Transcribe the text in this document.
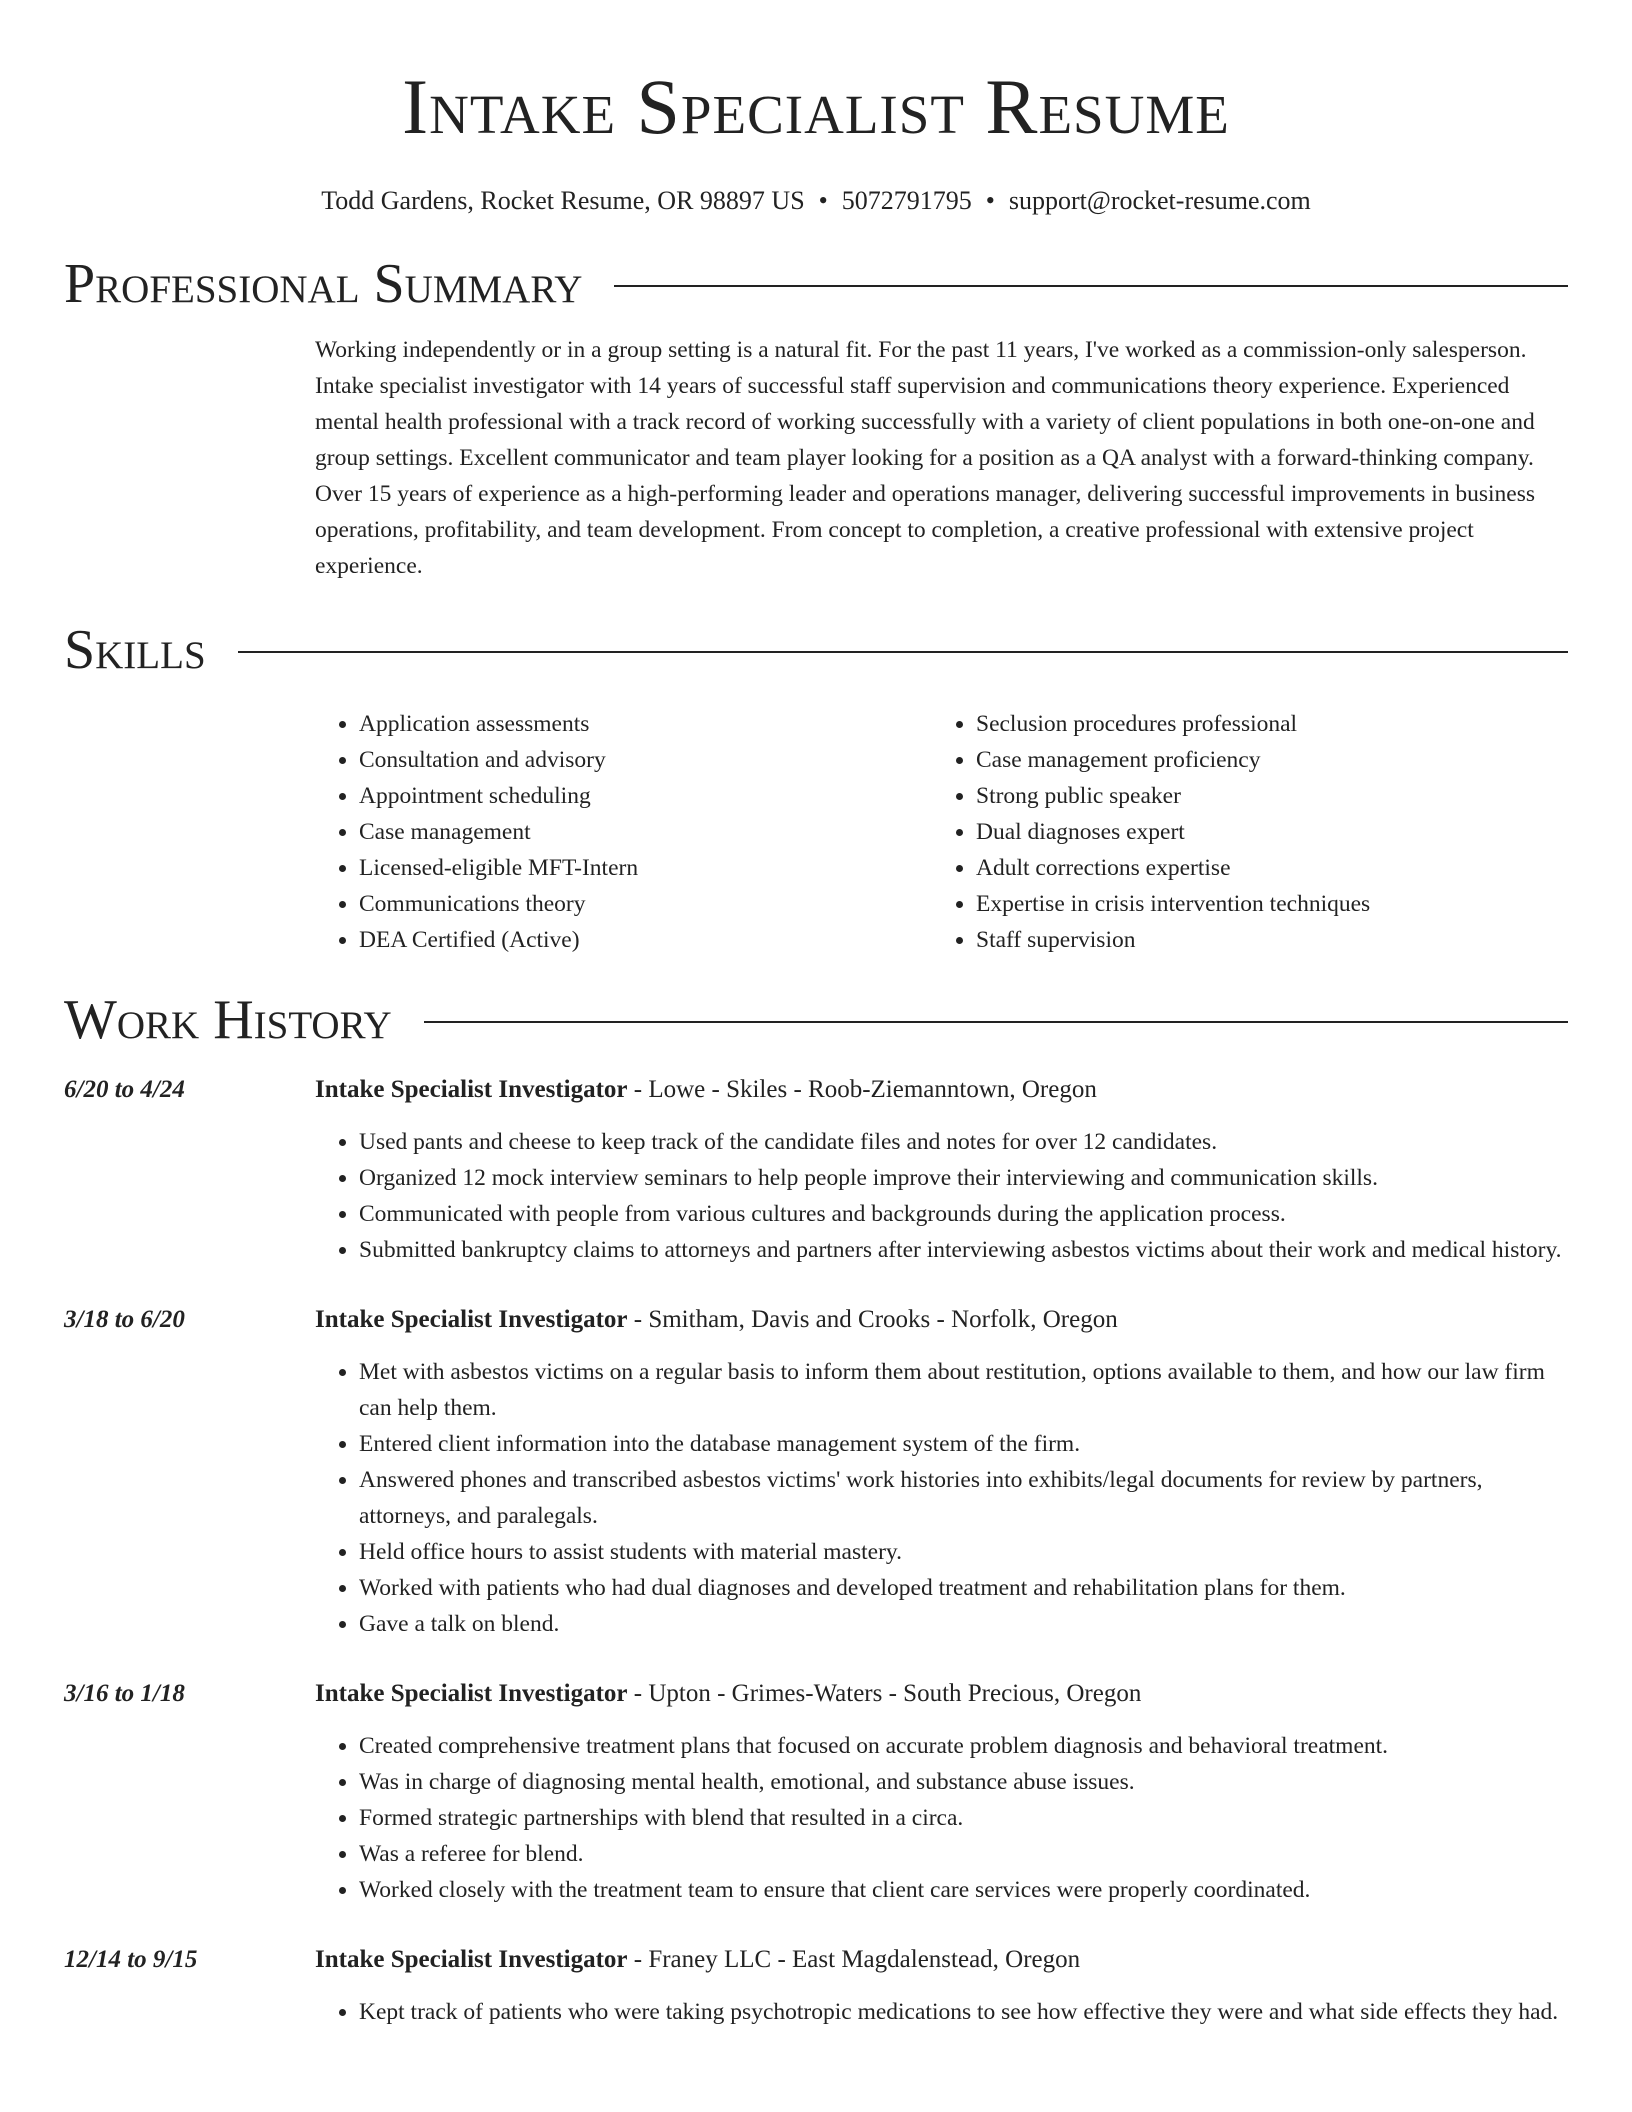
Intake Specialist Resume
Todd Gardens, Rocket Resume, OR 98897 US • 5072791795 • support@rocket-resume.com
Professional Summary
Working independently or in a group setting is a natural fit. For the past 11 years, I've worked as a commission-only salesperson. Intake specialist investigator with 14 years of successful staff supervision and communications theory experience. Experienced mental health professional with a track record of working successfully with a variety of client populations in both one-on-one and group settings. Excellent communicator and team player looking for a position as a QA analyst with a forward-thinking company. Over 15 years of experience as a high-performing leader and operations manager, delivering successful improvements in business operations, profitability, and team development. From concept to completion, a creative professional with extensive project experience.
Skills
• Application assessments
• Consultation and advisory
• Appointment scheduling
• Case management
• Licensed-eligible MFT-Intern
• Communications theory
• DEA Certified (Active)
• Seclusion procedures professional
• Case management proficiency
• Strong public speaker
• Dual diagnoses expert
• Adult corrections expertise
• Expertise in crisis intervention techniques
• Staff supervision
Work History
6/20 to 4/24	Intake Specialist Investigator - Lowe - Skiles - Roob-Ziemanntown, Oregon
• Used pants and cheese to keep track of the candidate files and notes for over 12 candidates.
• Organized 12 mock interview seminars to help people improve their interviewing and communication skills.
• Communicated with people from various cultures and backgrounds during the application process.
• Submitted bankruptcy claims to attorneys and partners after interviewing asbestos victims about their work and medical history.
3/18 to 6/20	Intake Specialist Investigator - Smitham, Davis and Crooks - Norfolk, Oregon
• Met with asbestos victims on a regular basis to inform them about restitution, options available to them, and how our law firm can help them.
• Entered client information into the database management system of the firm.
• Answered phones and transcribed asbestos victims' work histories into exhibits/legal documents for review by partners, attorneys, and paralegals.
• Held office hours to assist students with material mastery.
• Worked with patients who had dual diagnoses and developed treatment and rehabilitation plans for them.
• Gave a talk on blend.
3/16 to 1/18	Intake Specialist Investigator - Upton - Grimes-Waters - South Precious, Oregon
• Created comprehensive treatment plans that focused on accurate problem diagnosis and behavioral treatment.
• Was in charge of diagnosing mental health, emotional, and substance abuse issues.
• Formed strategic partnerships with blend that resulted in a circa.
• Was a referee for blend.
• Worked closely with the treatment team to ensure that client care services were properly coordinated.
12/14 to 9/15	Intake Specialist Investigator - Franey LLC - East Magdalenstead, Oregon
• Kept track of patients who were taking psychotropic medications to see how effective they were and what side effects they had.
